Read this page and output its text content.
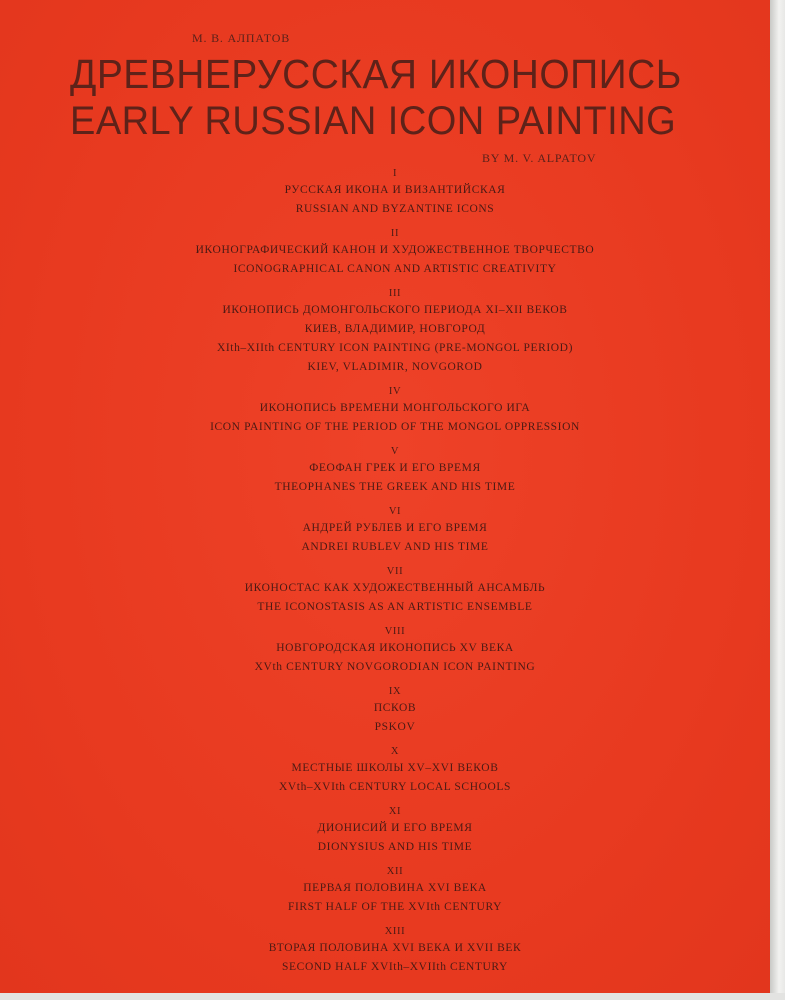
М. В. АЛПАТОВ
ДРЕВНЕРУССКАЯ ИКОНОПИСЬ
EARLY RUSSIAN ICON PAINTING
BY M. V. ALPATOV
I
РУССКАЯ ИКОНА И ВИЗАНТИЙСКАЯ
RUSSIAN AND BYZANTINE ICONS
II
ИКОНОГРАФИЧЕСКИЙ КАНОН И ХУДОЖЕСТВЕННОЕ ТВОРЧЕСТВО
ICONOGRAPHICAL CANON AND ARTISTIC CREATIVITY
III
ИКОНОПИСЬ ДОМОНГОЛЬСКОГО ПЕРИОДА XI–XII ВЕКОВ
КИЕВ, ВЛАДИМИР, НОВГОРОД
XIth–XIIth CENTURY ICON PAINTING (PRE-MONGOL PERIOD)
KIEV, VLADIMIR, NOVGOROD
IV
ИКОНОПИСЬ ВРЕМЕНИ МОНГОЛЬСКОГО ИГА
ICON PAINTING OF THE PERIOD OF THE MONGOL OPPRESSION
V
ФЕОФАН ГРЕК И ЕГО ВРЕМЯ
THEOPHANES THE GREEK AND HIS TIME
VI
АНДРЕЙ РУБЛЕВ И ЕГО ВРЕМЯ
ANDREI RUBLEV AND HIS TIME
VII
ИКОНОСТАС КАК ХУДОЖЕСТВЕННЫЙ АНСАМБЛЬ
THE ICONOSTASIS AS AN ARTISTIC ENSEMBLE
VIII
НОВГОРОДСКАЯ ИКОНОПИСЬ XV ВЕКА
XVth CENTURY NOVGORODIAN ICON PAINTING
IX
ПСКОВ
PSKOV
X
МЕСТНЫЕ ШКОЛЫ XV–XVI ВЕКОВ
XVth–XVIth CENTURY LOCAL SCHOOLS
XI
ДИОНИСИЙ И ЕГО ВРЕМЯ
DIONYSIUS AND HIS TIME
XII
ПЕРВАЯ ПОЛОВИНА XVI ВЕКА
FIRST HALF OF THE XVIth CENTURY
XIII
ВТОРАЯ ПОЛОВИНА XVI ВЕКА И XVII ВЕК
SECOND HALF XVIth–XVIIth CENTURY
